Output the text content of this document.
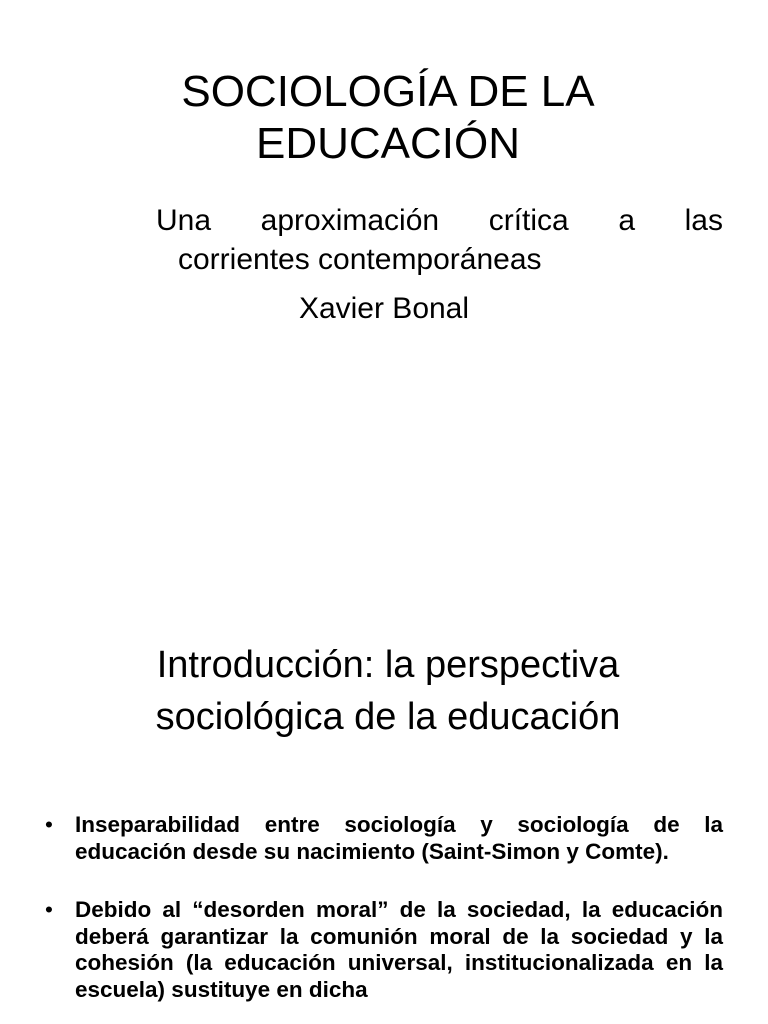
SOCIOLOGÍA DE LA
EDUCACIÓN

Una aproximación crítica a las
corrientes contemporáneas

Xavier Bonal

Introducción: la perspectiva
sociológica de la educación
• Inseparabilidad entre sociología y sociología de la educación desde su nacimiento (Saint-Simon y Comte).
• Debido al “desorden moral” de la sociedad, la educación deberá garantizar la comunión moral de la sociedad y la cohesión (la educación universal, institucionalizada en la escuela) sustituye en dicha
